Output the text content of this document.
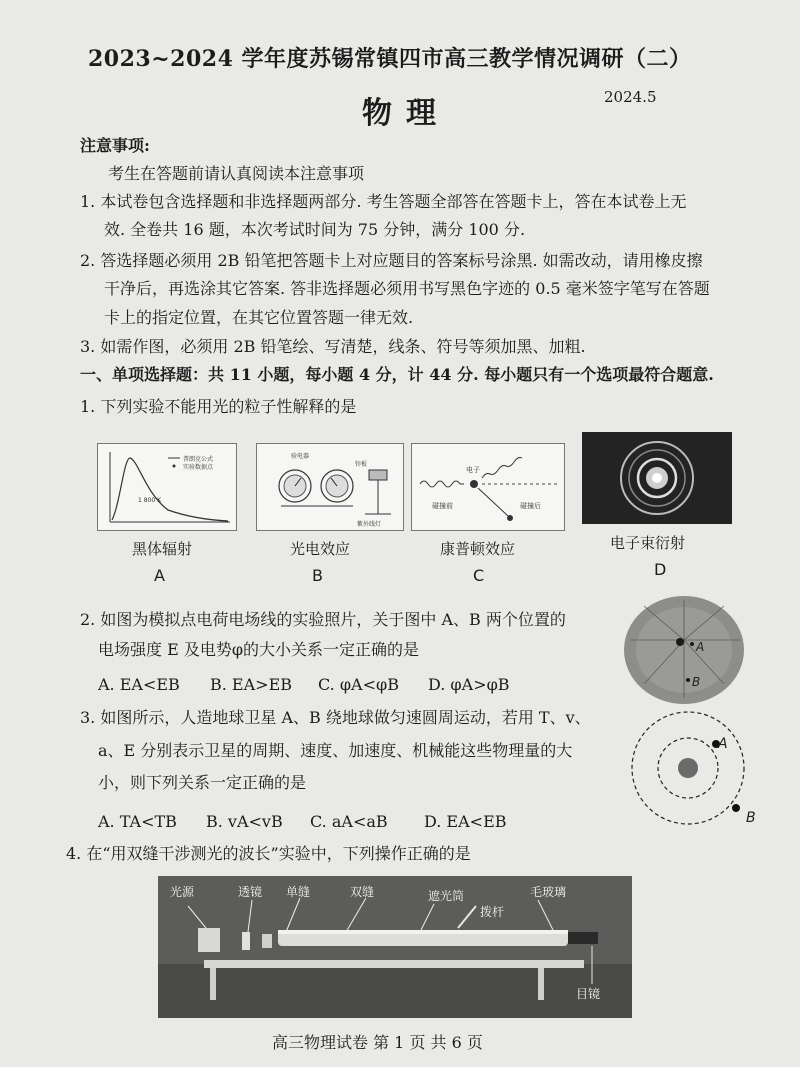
2023~2024 学年度苏锡常镇四市高三教学情况调研（二）
物理	2024.5
注意事项:
考生在答题前请认真阅读本注意事项
1. 本试卷包含选择题和非选择题两部分. 考生答题全部答在答题卡上，答在本试卷上无
效. 全卷共 16 题，本次考试时间为 75 分钟，满分 100 分.
2. 答选择题必须用 2B 铅笔把答题卡上对应题目的答案标号涂黑. 如需改动，请用橡皮擦
干净后，再选涂其它答案. 答非选择题必须用书写黑色字迹的 0.5 毫米签字笔写在答题
卡上的指定位置，在其它位置答题一律无效.
3. 如需作图，必须用 2B 铅笔绘、写清楚，线条、符号等须加黑、加粗.
一、单项选择题：共 11 小题，每小题 4 分，计 44 分. 每小题只有一个选项最符合题意.
1. 下列实验不能用光的粒子性解释的是
普朗克公式
实验数据点
1 800 K
黑体辐射
A
验电器
锌板
紫外线灯
光电效应
B
电子
碰撞前	碰撞后
康普顿效应
C
电子束衍射
D
2. 如图为模拟点电荷电场线的实验照片，关于图中 A、B 两个位置的
电场强度 E 及电势φ的大小关系一定正确的是
A. EA<EB B. EA>EB C. φA<φB D. φA>φB
A
B
3. 如图所示，人造地球卫星 A、B 绕地球做匀速圆周运动，若用 T、v、
a、E 分别表示卫星的周期、速度、加速度、机械能这些物理量的大
小，则下列关系一定正确的是
A. TA<TB B. vA<vB C. aA<aB D. EA<EB
A
B
4. 在“用双缝干涉测光的波长”实验中，下列操作正确的是
光源	透镜 单缝	双缝	遮光筒
拨杆
毛玻璃
目镜
高三物理试卷 第 1 页 共 6 页
